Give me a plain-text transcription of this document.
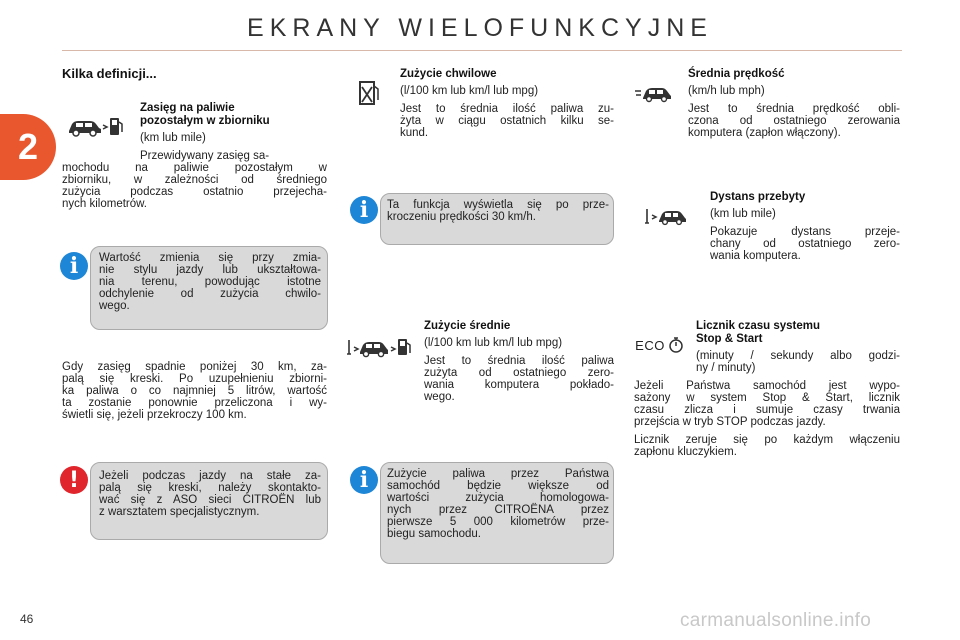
EKRANY WIELOFUNKCYJNE
2
Kilka definicji...
Zasięg na paliwie
pozostałym w zbiorniku
(km lub mile)
Przewidywany zasięg sa-
mochodu na paliwie pozostałym w
zbiorniku, w zależności od średniego
zużycia podczas ostatnio przejecha-
nych kilometrów.
Wartość zmienia się przy zmia-
nie stylu jazdy lub ukształtowa-
nia terenu, powodując istotne
odchylenie od zużycia chwilo-
wego.
i
Gdy zasięg spadnie poniżej 30 km, za-
palą się kreski. Po uzupełnieniu zbiorni-
ka paliwa o co najmniej 5 litrów, wartość
ta zostanie ponownie przeliczona i wy-
świetli się, jeżeli przekroczy 100 km.
Jeżeli podczas jazdy na stałe za-
palą się kreski, należy skontakto-
wać się z ASO sieci CITROËN lub
z warsztatem specjalistycznym.
!
Zużycie chwilowe
(l/100 km lub km/l lub mpg)
Jest to średnia ilość paliwa zu-
żyta w ciągu ostatnich kilku se-
kund.
Ta funkcja wyświetla się po prze-
kroczeniu prędkości 30 km/h.
i
Zużycie średnie
(l/100 km lub km/l lub mpg)
Jest to średnia ilość paliwa
zużyta od ostatniego zero-
wania komputera pokłado-
wego.
Zużycie paliwa przez Państwa
samochód będzie większe od
wartości zużycia homologowa-
nych przez CITROËNA przez
pierwsze 5 000 kilometrów prze-
biegu samochodu.
i
Średnia prędkość
(km/h lub mph)
Jest to średnia prędkość obli-
czona od ostatniego zerowania
komputera (zapłon włączony).
Dystans przebyty
(km lub mile)
Pokazuje dystans przeje-
chany od ostatniego zero-
wania komputera.
ECO
Licznik czasu systemu
Stop & Start
(minuty / sekundy albo godzi-
ny / minuty)
Jeżeli Państwa samochód jest wypo-
sażony w system Stop & Start, licznik
czasu zlicza i sumuje czasy trwania
przejścia w tryb STOP podczas jazdy.
Licznik zeruje się po każdym włączeniu
zapłonu kluczykiem.
46	carmanualsonline.info
